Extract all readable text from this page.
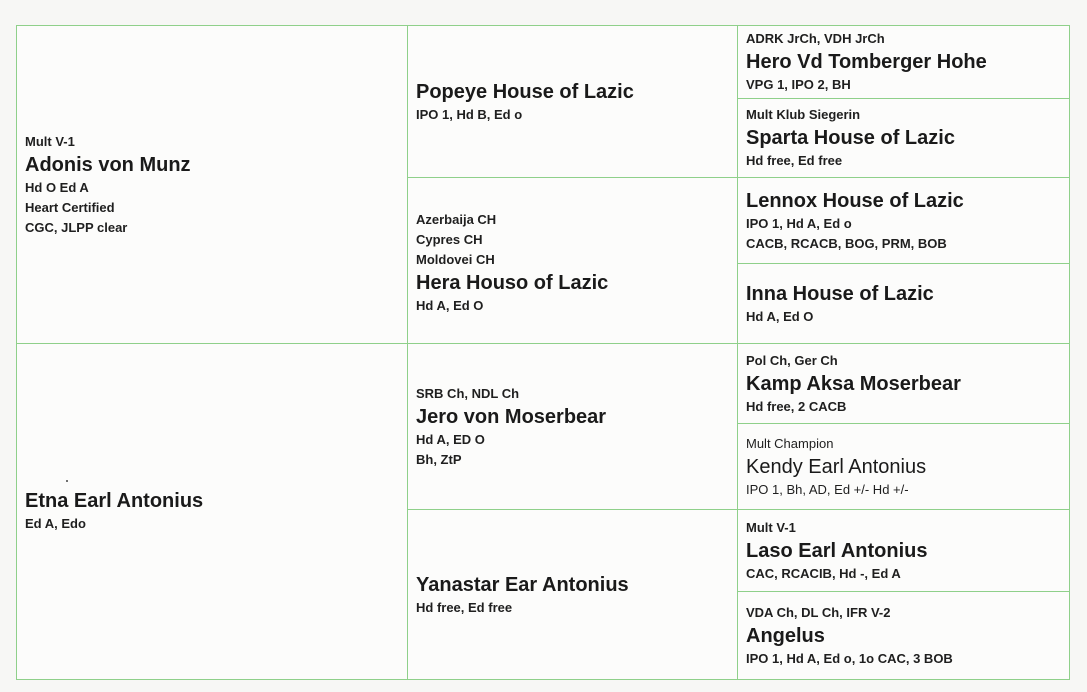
Mult V-1
Adonis von Munz
Hd O Ed A
Heart Certified
CGC, JLPP clear
Etna Earl Antonius
Ed A, Edo
Popeye House of Lazic
IPO 1, Hd B, Ed o
Azerbaija CH
Cypres CH
Moldovei CH
Hera Houso of Lazic
Hd A, Ed O
SRB Ch, NDL Ch
Jero von Moserbear
Hd A, ED O
Bh, ZtP
Yanastar Ear Antonius
Hd free, Ed free
ADRK JrCh, VDH JrCh
Hero Vd Tomberger Hohe
VPG 1, IPO 2, BH
Mult Klub Siegerin
Sparta House of Lazic
Hd free, Ed free
Lennox House of Lazic
IPO 1, Hd A, Ed o
CACB, RCACB, BOG, PRM, BOB
Inna House of Lazic
Hd A, Ed O
Pol Ch, Ger Ch
Kamp Aksa Moserbear
Hd free, 2 CACB
Mult Champion
Kendy Earl Antonius
IPO 1, Bh, AD, Ed +/- Hd +/-
Mult V-1
Laso Earl Antonius
CAC, RCACIB, Hd -, Ed A
VDA Ch, DL Ch, IFR V-2
Angelus
IPO 1, Hd A, Ed o, 1o CAC, 3 BOB
